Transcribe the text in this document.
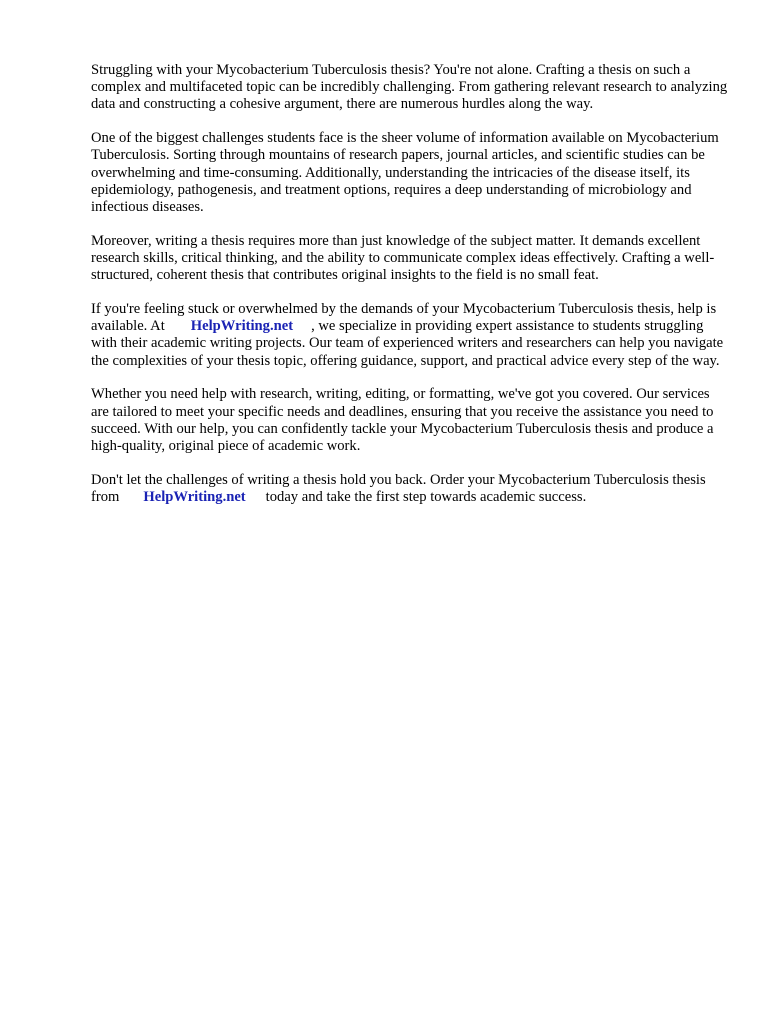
Struggling with your Mycobacterium Tuberculosis thesis? You're not alone. Crafting a thesis on such a complex and multifaceted topic can be incredibly challenging. From gathering relevant research to analyzing data and constructing a cohesive argument, there are numerous hurdles along the way.

One of the biggest challenges students face is the sheer volume of information available on Mycobacterium Tuberculosis. Sorting through mountains of research papers, journal articles, and scientific studies can be overwhelming and time-consuming. Additionally, understanding the intricacies of the disease itself, its epidemiology, pathogenesis, and treatment options, requires a deep understanding of microbiology and infectious diseases.

Moreover, writing a thesis requires more than just knowledge of the subject matter. It demands excellent research skills, critical thinking, and the ability to communicate complex ideas effectively. Crafting a well-structured, coherent thesis that contributes original insights to the field is no small feat.

If you're feeling stuck or overwhelmed by the demands of your Mycobacterium Tuberculosis thesis, help is available. At HelpWriting.net , we specialize in providing expert assistance to students struggling with their academic writing projects. Our team of experienced writers and researchers can help you navigate the complexities of your thesis topic, offering guidance, support, and practical advice every step of the way.

Whether you need help with research, writing, editing, or formatting, we've got you covered. Our services are tailored to meet your specific needs and deadlines, ensuring that you receive the assistance you need to succeed. With our help, you can confidently tackle your Mycobacterium Tuberculosis thesis and produce a high-quality, original piece of academic work.

Don't let the challenges of writing a thesis hold you back. Order your Mycobacterium Tuberculosis thesis from HelpWriting.net today and take the first step towards academic success.
